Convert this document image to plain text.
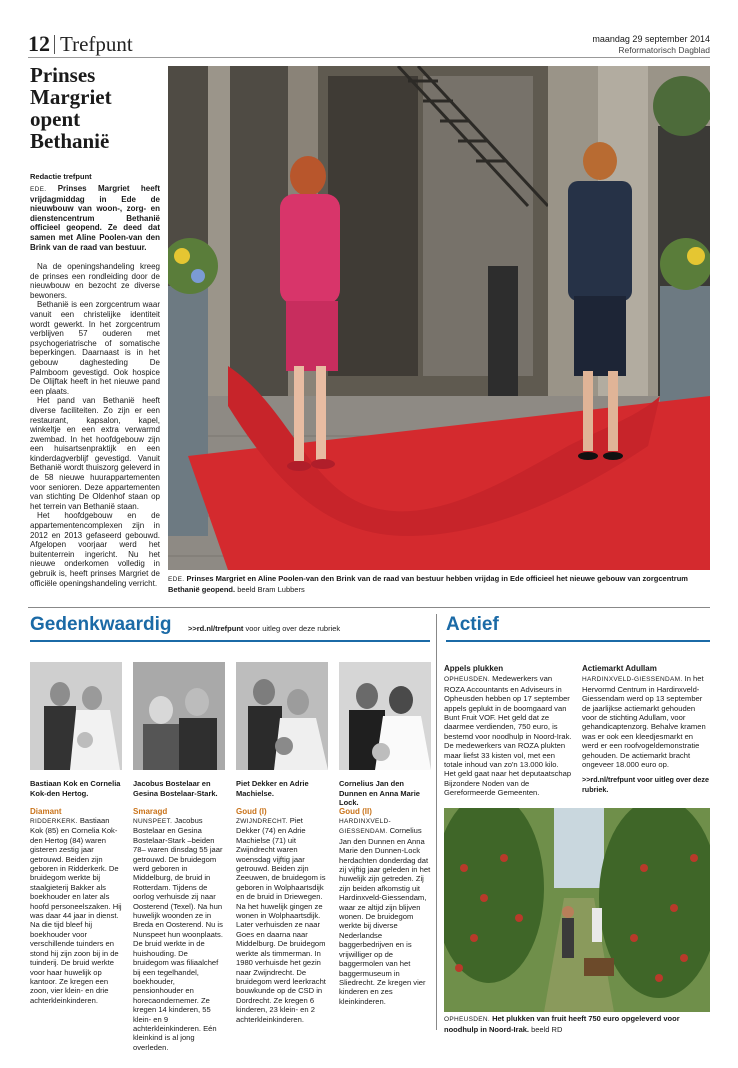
12 Trefpunt	maandag 29 september 2014
Reformatorisch Dagblad
Prinses Margriet opent Bethanië
Redactie trefpunt
EDE. Prinses Margriet heeft vrijdagmiddag in Ede de nieuwbouw van woon-, zorg- en dienstencentrum Bethanië officieel geopend. Ze deed dat samen met Aline Poolen-van den Brink van de raad van bestuur.

Na de openingshandeling kreeg de prinses een rondleiding door de nieuwbouw en bezocht ze diverse bewoners.

Bethanië is een zorgcentrum waar vanuit een christelijke identiteit wordt gewerkt. In het zorgcentrum verblijven 57 ouderen met psychogeriatrische of somatische beperkingen. Daarnaast is in het gebouw daghesteding De Palmboom gevestigd. Ook hospice De Olijftak heeft in het nieuwe pand een plaats.

Het pand van Bethanië heeft diverse faciliteiten. Zo zijn er een restaurant, kapsalon, kapel, winkeltje en een extra verwarmd zwembad. In het hoofdgebouw zijn een huisartsenpraktijk en een kinderdagverblijf gevestigd. Vanuit Bethanië wordt thuiszorg geleverd in de 58 nieuwe huurappartementen voor senioren. Deze appartementen van stichting De Oldenhof staan op het terrein van Bethanië staan.

Het hoofdgebouw en de appartementencomplexen zijn in 2012 en 2013 gefaseerd gebouwd. Afgelopen voorjaar werd het buitenterrein ingericht. Nu het nieuwe onderkomen volledig in gebruik is, heeft prinses Margriet de officiële openingshandeling verricht.	EDE. Prinses Margriet en Aline Poolen-van den Brink van de raad van bestuur hebben vrijdag in Ede officieel het nieuwe gebouw van zorgcentrum Bethanië geopend. beeld Bram Lubbers
Gedenkwaardig >>rd.nl/trefpunt voor uitleg over deze rubriek	Actief
Bastiaan Kok en Cornelia Kok-den Hertog.
Diamant
RIDDERKERK. Bastiaan Kok (85) en Cornelia Kok-den Hertog (84) waren gisteren zestig jaar getrouwd. Beiden zijn geboren in Ridderkerk. De bruidegom werkte bij staalgieterij Bakker als boekhouder en later als hoofd personeelszaken. Hij was daar 44 jaar in dienst. Na die tijd bleef hij boekhouder voor verschillende tuinders en stond hij zijn zoon bij in de tuinderij. De bruid werkte voor haar huwelijk op kantoor. Ze kregen een zoon, vier klein- en drie achterkleinkinderen.
Jacobus Bostelaar en Gesina Bostelaar-Stark.
Smaragd
NUNSPEET. Jacobus Bostelaar en Gesina Bostelaar-Stark –beiden 78– waren dinsdag 55 jaar getrouwd. De bruidegom werd geboren in Middelburg, de bruid in Rotterdam. Tijdens de oorlog verhuisde zij naar Oosterend (Texel). Na hun huwelijk woonden ze in Breda en Oosterend. Nu is Nunspeet hun woonplaats. De bruid werkte in de huishouding. De bruidegom was filiaalchef bij een tegelhandel, boekhouder, pensionhouder en horecaondernemer. Ze kregen 14 kinderen, 55 klein- en 9 achterkleinkinderen. Eén kleinkind is al jong overleden.
Piet Dekker en Adrie Machielse.
Goud (I)
ZWIJNDRECHT. Piet Dekker (74) en Adrie Machielse (71) uit Zwijndrecht waren woensdag vijftig jaar getrouwd. Beiden zijn Zeeuwen, de bruidegom is geboren in Wolphaartsdijk en de bruid in Driewegen. Na het huwelijk gingen ze wonen in Wolphaartsdijk. Later verhuisden ze naar Goes en daarna naar Middelburg. De bruidegom werkte als timmerman. In 1980 verhuisde het gezin naar Zwijndrecht. De bruidegom werd leerkracht bouwkunde op de CSD in Dordrecht. Ze kregen 6 kinderen, 23 klein- en 2 achterkleinkinderen.
Cornelius Jan den Dunnen en Anna Marie Lock.
Goud (II)
HARDINXVELD-GIESSENDAM. Cornelius Jan den Dunnen en Anna Marie den Dunnen-Lock herdachten donderdag dat zij vijftig jaar geleden in het huwelijk zijn getreden. Zij zijn beiden afkomstig uit Hardinxveld-Giessendam, waar ze altijd zijn blijven wonen. De bruidegom werkte bij diverse Nederlandse baggerbedrijven en is vrijwilliger op de baggermolen van het baggermuseum in Sliedrecht. Ze kregen vier kinderen en zes kleinkinderen.
Appels plukken
OPHEUSDEN. Medewerkers van ROZA Accountants en Adviseurs in Opheusden hebben op 17 september appels geplukt in de boomgaard van Bunt Fruit VOF. Het geld dat ze daarmee verdienden, 750 euro, is bestemd voor noodhulp in Noord-Irak. De medewerkers van ROZA plukten maar liefst 33 kisten vol, met een totale inhoud van zo'n 13.000 kilo. Het geld gaat naar het deputaatschap Bijzondere Noden van de Gereformeerde Gemeenten.
Actiemarkt Adullam
HARDINXVELD-GIESSENDAM. In het Hervormd Centrum in Hardinxveld-Giessendam werd op 13 september de jaarlijkse actiemarkt gehouden voor de stichting Adullam, voor gehandicaptenzorg. Behalve kramen was er ook een kleedjesmarkt en werd er een roofvogeldemonstratie gehouden. De actiemarkt bracht ongeveer 18.000 euro op.
>>rd.nl/trefpunt voor uitleg over deze rubriek.
OPHEUSDEN. Het plukken van fruit heeft 750 euro opgeleverd voor noodhulp in Noord-Irak. beeld RD
